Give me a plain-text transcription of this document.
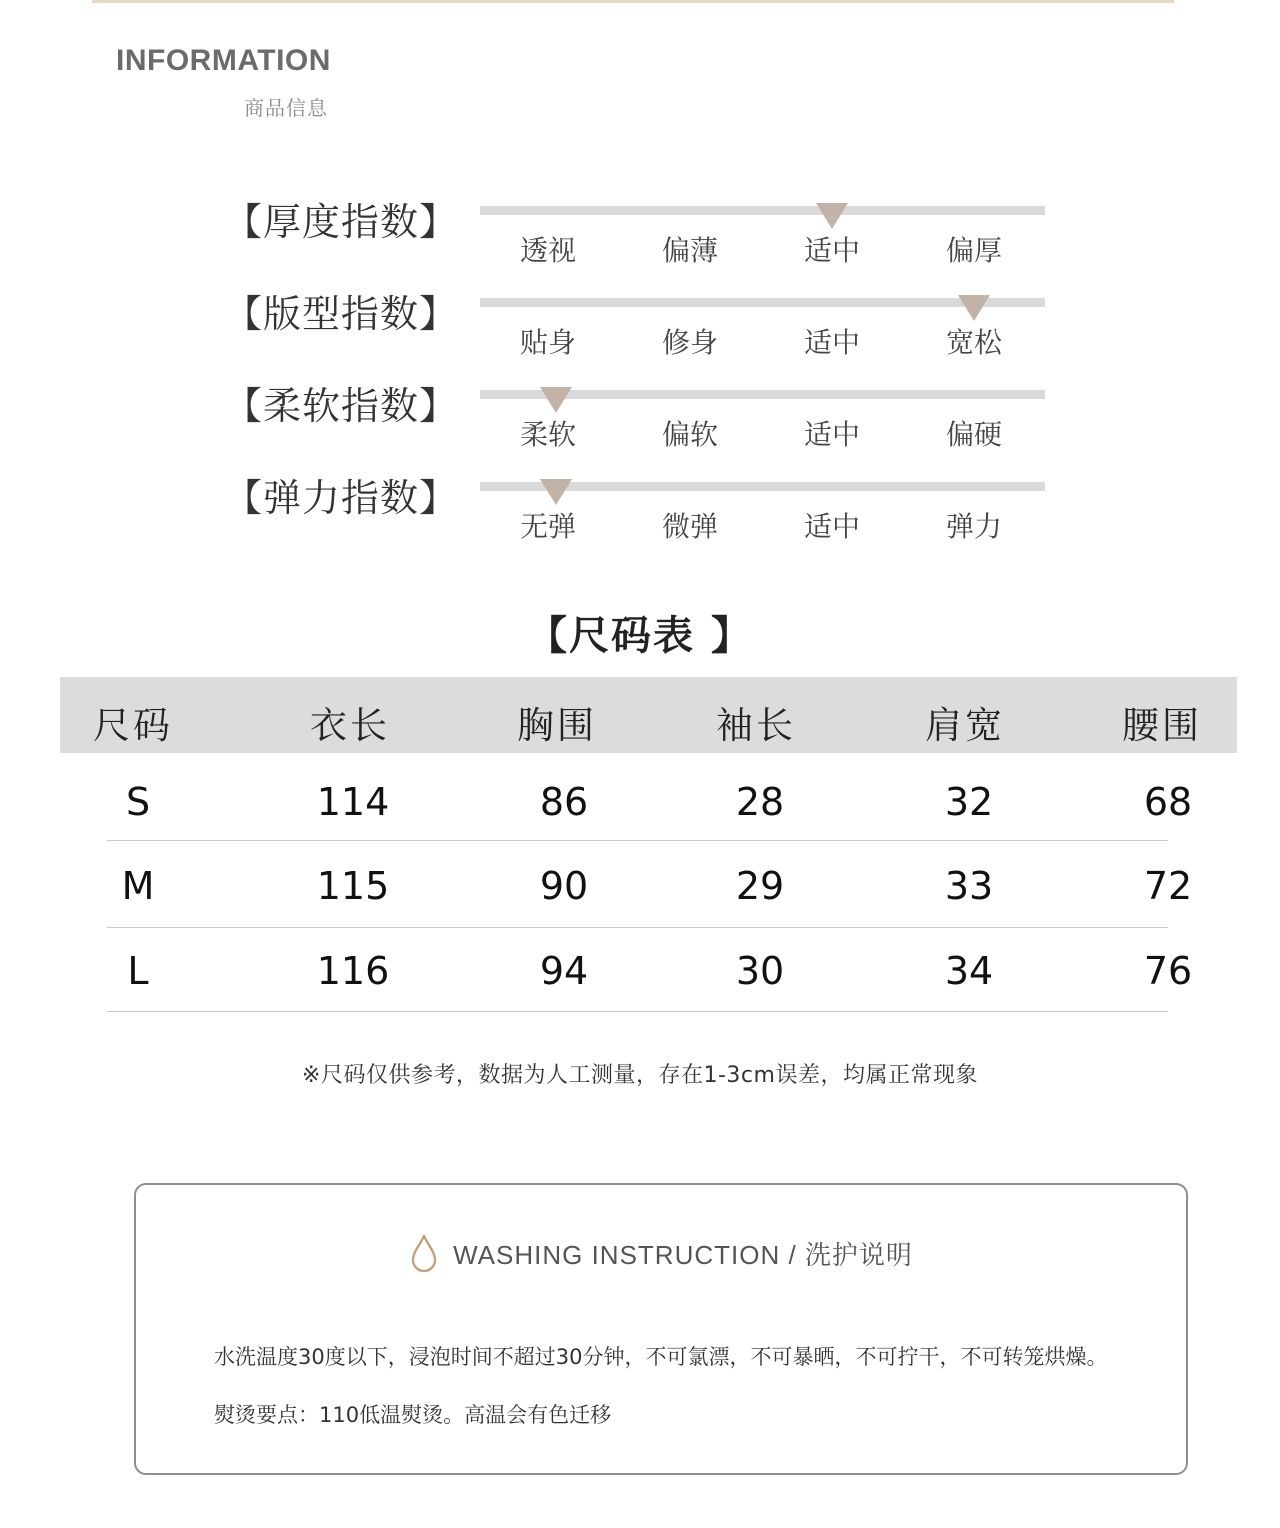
INFORMATION
商品信息
【厚度指数】
透视	偏薄	适中	偏厚
【版型指数】
贴身	修身	适中	宽松
【柔软指数】
柔软	偏软	适中	偏硬
【弹力指数】
无弹	微弹	适中	弹力
【尺码表 】
尺码	衣长	胸围	袖长	肩宽	腰围
S	114	86	28	32	68
M	115	90	29	33	72
L	116	94	30	34	76
※尺码仅供参考，数据为人工测量，存在1-3cm误差，均属正常现象
WASHING INSTRUCTION / 洗护说明
水洗温度30度以下，浸泡时间不超过30分钟，不可氯漂，不可暴晒，不可拧干，不可转笼烘燥。
熨烫要点：110低温熨烫。高温会有色迁移
